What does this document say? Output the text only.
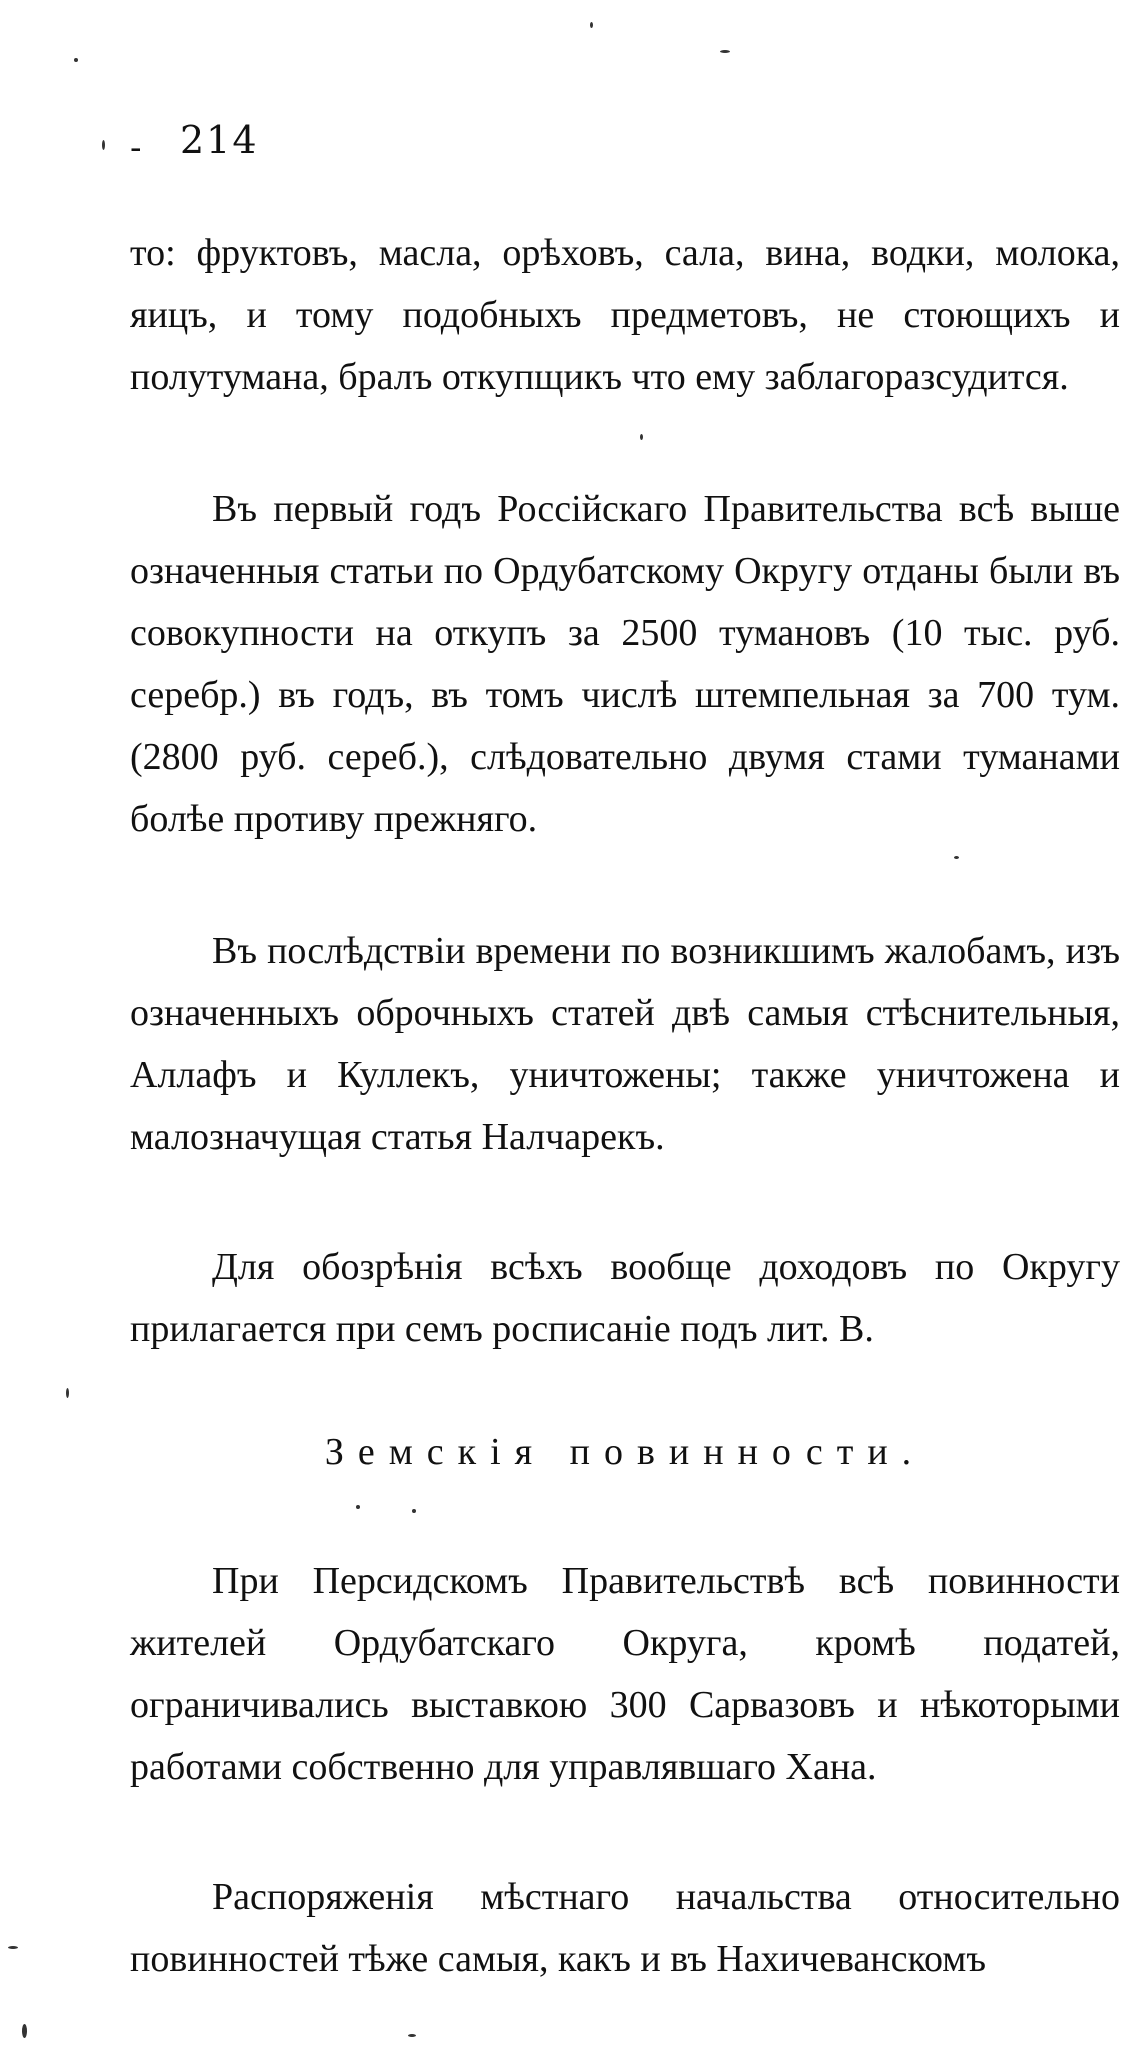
- 214

то: фруктовъ, масла, орѣховъ, сала, вина, водки, молока, яицъ, и тому подобныхъ предметовъ, не стоющихъ и полутумана, бралъ откупщикъ что ему заблагоразсудится.

Въ первый годъ Россійскаго Правительства всѣ выше означенныя статьи по Ордубатскому Округу отданы были въ совокупности на откупъ за 2500 тумановъ (10 тыс. руб. серебр.) въ годъ, въ томъ числѣ штемпельная за 700 тум. (2800 руб. сереб.), слѣдовательно двумя стами туманами болѣе противу прежняго.

Въ послѣдствіи времени по возникшимъ жалобамъ, изъ означенныхъ оброчныхъ статей двѣ самыя стѣснительныя, Аллафъ и Куллекъ, уничтожены; также уничтожена и малозначущая статья Налчарекъ.

Для обозрѣнія всѣхъ вообще доходовъ по Округу прилагается при семъ росписаніе подъ лит. В.

Земскія повинности.

При Персидскомъ Правительствѣ всѣ повинности жителей Ордубатскаго Округа, кромѣ податей, ограничивались выставкою 300 Сарвазовъ и нѣкоторыми работами собственно для управлявшаго Хана.

Распоряженія мѣстнаго начальства относительно повинностей тѣже самыя, какъ и въ Нахичеванскомъ
